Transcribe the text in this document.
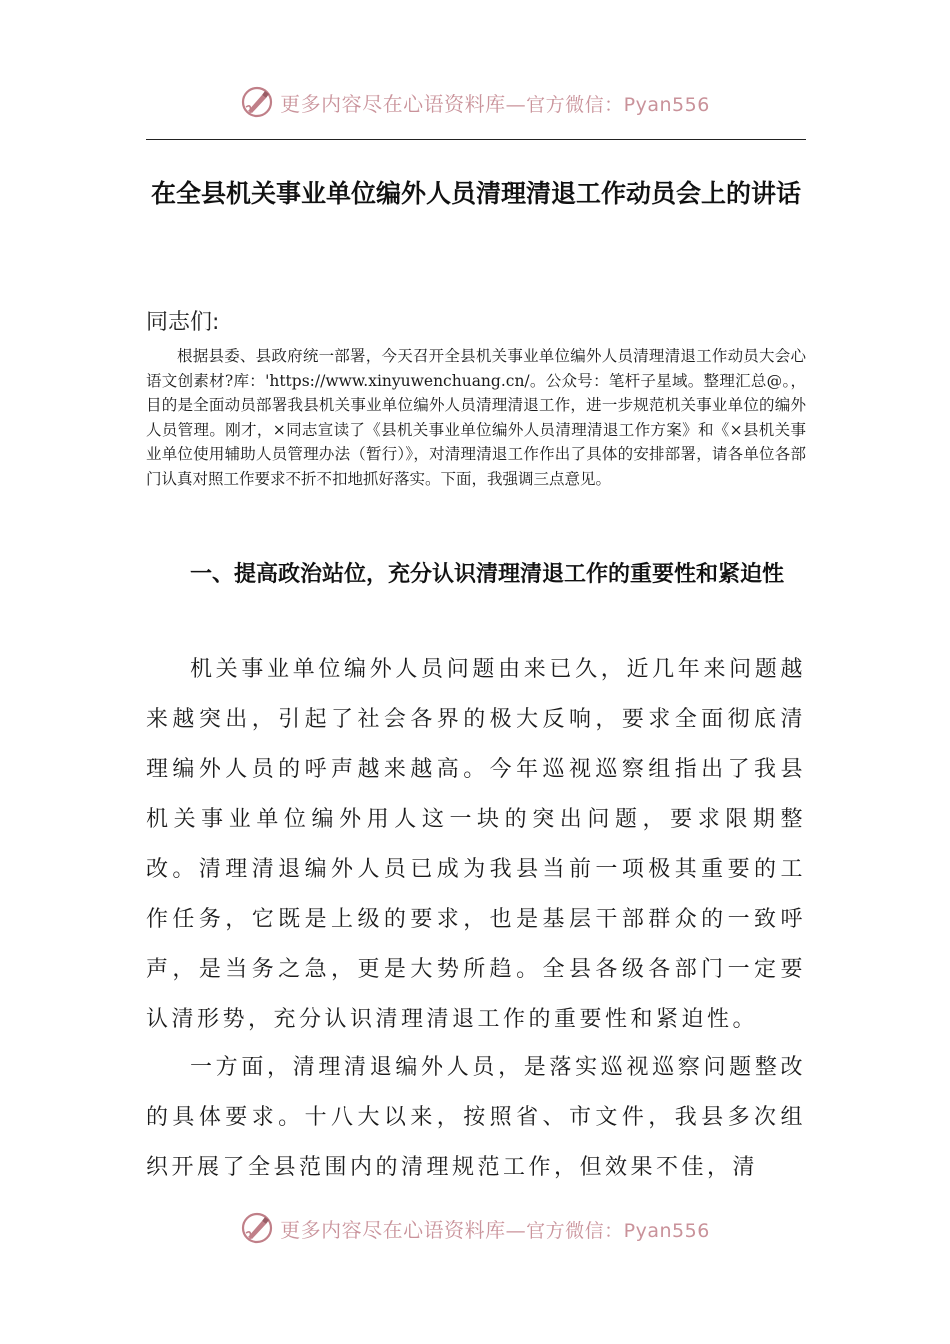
更多内容尽在心语资料库—官方微信：Pyan556
在全县机关事业单位编外人员清理清退工作动员会上的讲话
同志们:
根据县委、县政府统一部署，今天召开全县机关事业单位编外人员清理清退工作动员大会心语文创素材?库：'https://www.xinyuwenchuang.cn/。公众号：笔杆子星域。整理汇总@。，目的是全面动员部署我县机关事业单位编外人员清理清退工作，进一步规范机关事业单位的编外人员管理。刚才，×同志宣读了《县机关事业单位编外人员清理清退工作方案》和《×县机关事业单位使用辅助人员管理办法（暂行）》，对清理清退工作作出了具体的安排部署，请各单位各部门认真对照工作要求不折不扣地抓好落实。下面，我强调三点意见。
一、提高政治站位，充分认识清理清退工作的重要性和紧迫性
机关事业单位编外人员问题由来已久，近几年来问题越来越突出，引起了社会各界的极大反响，要求全面彻底清理编外人员的呼声越来越高。今年巡视巡察组指出了我县机关事业单位编外用人这一块的突出问题，要求限期整改。清理清退编外人员已成为我县当前一项极其重要的工作任务，它既是上级的要求，也是基层干部群众的一致呼声，是当务之急，更是大势所趋。全县各级各部门一定要认清形势，充分认识清理清退工作的重要性和紧迫性。
一方面，清理清退编外人员，是落实巡视巡察问题整改的具体要求。十八大以来，按照省、市文件，我县多次组织开展了全县范围内的清理规范工作，但效果不佳，清
更多内容尽在心语资料库—官方微信：Pyan556
